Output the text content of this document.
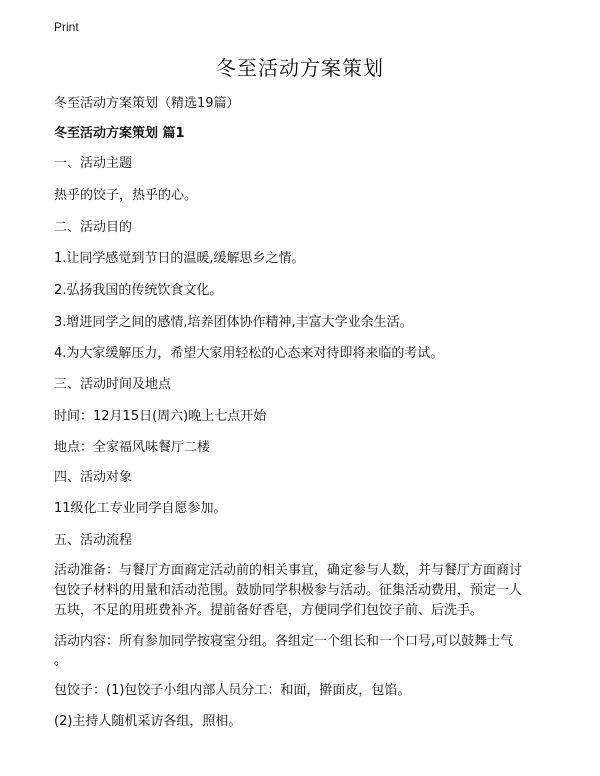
Print
冬至活动方案策划

冬至活动方案策划（精选19篇）

冬至活动方案策划 篇1

一、活动主题

热乎的饺子，热乎的心。

二、活动目的

1.让同学感觉到节日的温暖,缓解思乡之情。

2.弘扬我国的传统饮食文化。

3.增进同学之间的感情,培养团体协作精神,丰富大学业余生活。

4.为大家缓解压力，希望大家用轻松的心态来对待即将来临的考试。

三、活动时间及地点

时间：12月15日(周六)晚上七点开始

地点：全家福风味餐厅二楼

四、活动对象

11级化工专业同学自愿参加。

五、活动流程

活动准备：与餐厅方面商定活动前的相关事宜，确定参与人数，并与餐厅方面商讨

包饺子材料的用量和活动范围。鼓励同学积极参与活动。征集活动费用，预定一人

五块，不足的用班费补齐。提前备好香皂，方便同学们包饺子前、后洗手。

活动内容：所有参加同学按寝室分组。各组定一个组长和一个口号,可以鼓舞士气

。

包饺子：(1)包饺子小组内部人员分工：和面，擀面皮，包馅。

(2)主持人随机采访各组，照相。
